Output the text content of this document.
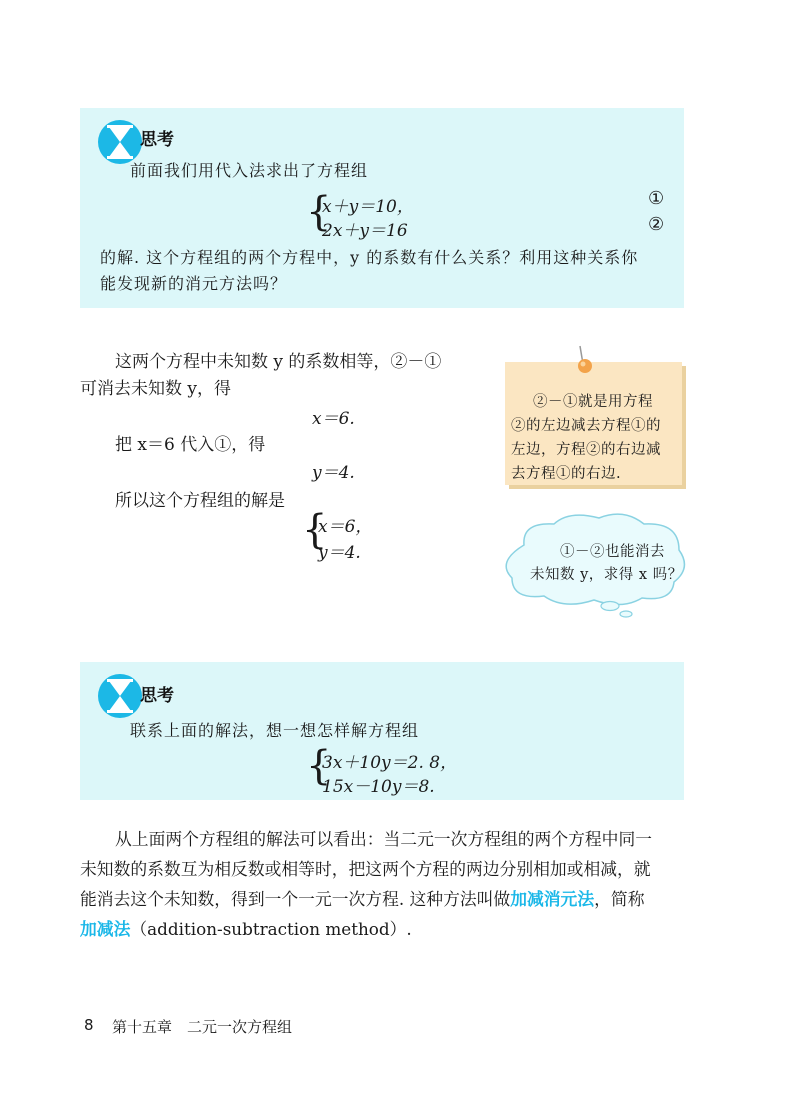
思考
前面我们用代入法求出了方程组
{
x＋y＝10，
2x＋y＝16
①
②
的解. 这个方程组的两个方程中，y 的系数有什么关系？利用这种关系你
能发现新的消元方法吗？
这两个方程中未知数 y 的系数相等，②－①
可消去未知数 y，得
x＝6.
把 x＝6 代入①，得
y＝4.
所以这个方程组的解是
{
x＝6，
y＝4.
②－①就是用方程
②的左边减去方程①的
左边，方程②的右边减
去方程①的右边.
①－②也能消去
未知数 y，求得 x 吗？
思考
联系上面的解法，想一想怎样解方程组
{
3x＋10y＝2. 8，
15x－10y＝8.
从上面两个方程组的解法可以看出：当二元一次方程组的两个方程中同一
未知数的系数互为相反数或相等时，把这两个方程的两边分别相加或相减，就
能消去这个未知数，得到一个一元一次方程. 这种方法叫做加减消元法，简称
加减法（addition-subtraction method）.
8 第十五章　二元一次方程组
